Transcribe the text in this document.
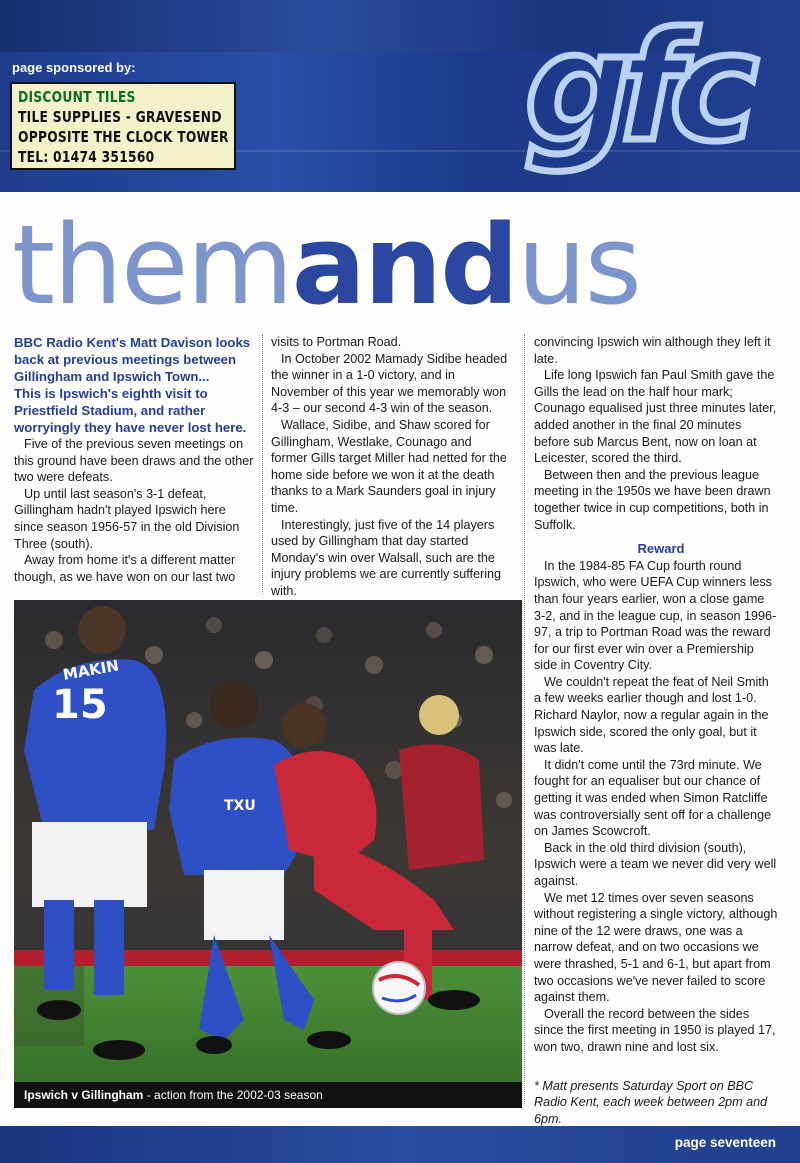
page sponsored by:
DISCOUNT TILES
TILE SUPPLIES - GRAVESEND
OPPOSITE THE CLOCK TOWER
TEL: 01474 351560 gfc
themandus

BBC Radio Kent's Matt Davison looks back at previous meetings between Gillingham and Ipswich Town...

This is Ipswich's eighth visit to Priestfield Stadium, and rather worryingly they have never lost here.

Five of the previous seven meetings on this ground have been draws and the other two were defeats.

Up until last season's 3-1 defeat, Gillingham hadn't played Ipswich here since season 1956-57 in the old Division Three (south).

Away from home it's a different matter though, as we have won on our last two

visits to Portman Road.

In October 2002 Mamady Sidibe headed the winner in a 1-0 victory, and in November of this year we memorably won 4-3 – our second 4-3 win of the season.

Wallace, Sidibe, and Shaw scored for Gillingham, Westlake, Counago and former Gills target Miller had netted for the home side before we won it at the death thanks to a Mark Saunders goal in injury time.

Interestingly, just five of the 14 players used by Gillingham that day started Monday's win over Walsall, such are the injury problems we are currently suffering with.

convincing Ipswich win although they left it late.

Life long Ipswich fan Paul Smith gave the Gills the lead on the half hour mark; Counago equalised just three minutes later, added another in the final 20 minutes before sub Marcus Bent, now on loan at Leicester, scored the third.

Between then and the previous league meeting in the 1950s we have been drawn together twice in cup competitions, both in Suffolk.

Reward

In the 1984-85 FA Cup fourth round Ipswich, who were UEFA Cup winners less than four years earlier, won a close game 3-2, and in the league cup, in season 1996-97, a trip to Portman Road was the reward for our first ever win over a Premiership side in Coventry City.

We couldn't repeat the feat of Neil Smith a few weeks earlier though and lost 1-0. Richard Naylor, now a regular again in the Ipswich side, scored the only goal, but it was late.

It didn't come until the 73rd minute. We fought for an equaliser but our chance of getting it was ended when Simon Ratcliffe was controversially sent off for a challenge on James Scowcroft.

Back in the old third division (south), Ipswich were a team we never did very well against.

We met 12 times over seven seasons without registering a single victory, although nine of the 12 were draws, one was a narrow defeat, and on two occasions we were thrashed, 5-1 and 6-1, but apart from two occasions we've never failed to score against them.

Overall the record between the sides since the first meeting in 1950 is played 17, won two, drawn nine and lost six.

* Matt presents Saturday Sport on BBC Radio Kent, each week between 2pm and 6pm.

15
MAKIN
TXU
Ipswich v Gillingham - action from the 2002-03 season
page seventeen
